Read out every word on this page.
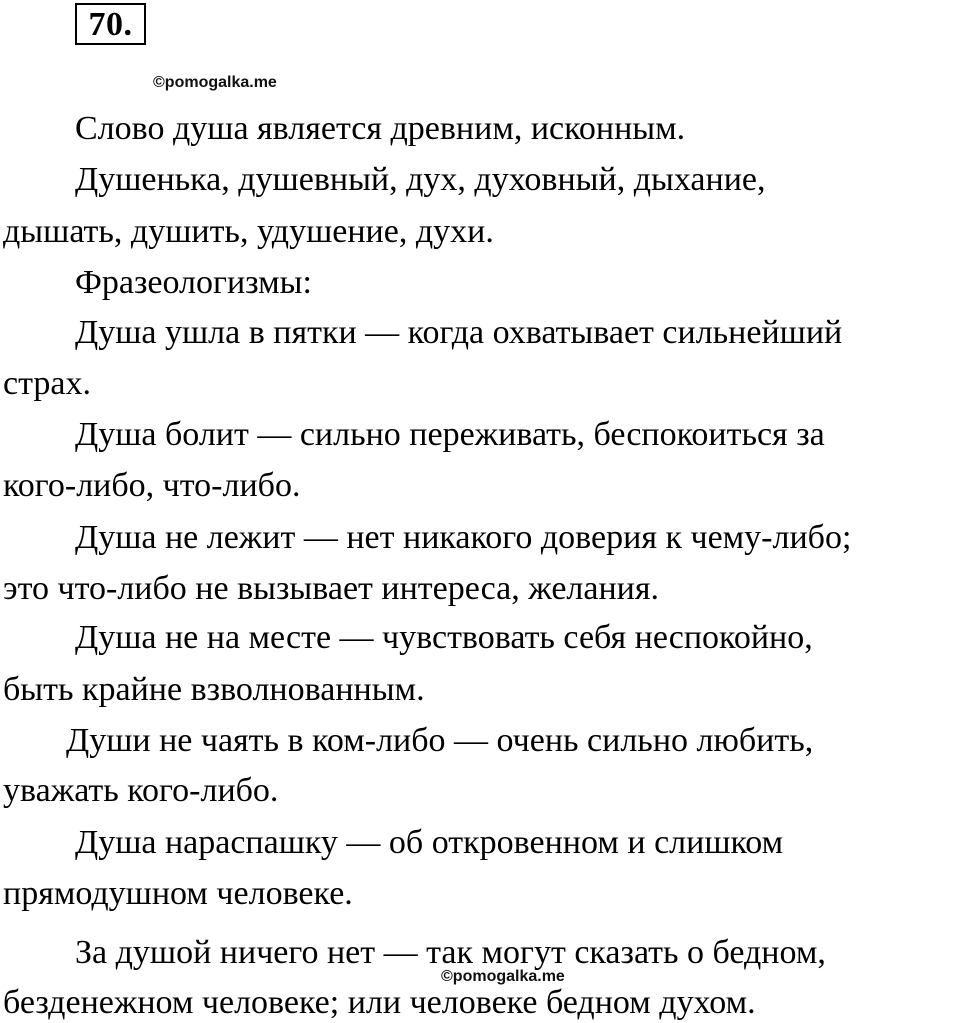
70.
©pomogalka.me
Слово душа является древним, исконным.
Душенька, душевный, дух, духовный, дыхание,
дышать, душить, удушение, духи.
Фразеологизмы:
Душа ушла в пятки — когда охватывает сильнейший
страх.
Душа болит — сильно переживать, беспокоиться за
кого-либо, что-либо.
Душа не лежит — нет никакого доверия к чему-либо;
это что-либо не вызывает интереса, желания.
Душа не на месте — чувствовать себя неспокойно,
быть крайне взволнованным.
Души не чаять в ком-либо — очень сильно любить,
уважать кого-либо.
Душа нараспашку — об откровенном и слишком
прямодушном человеке.
За душой ничего нет — так могут сказать о бедном,
©pomogalka.me
безденежном человеке; или человеке бедном духом.
